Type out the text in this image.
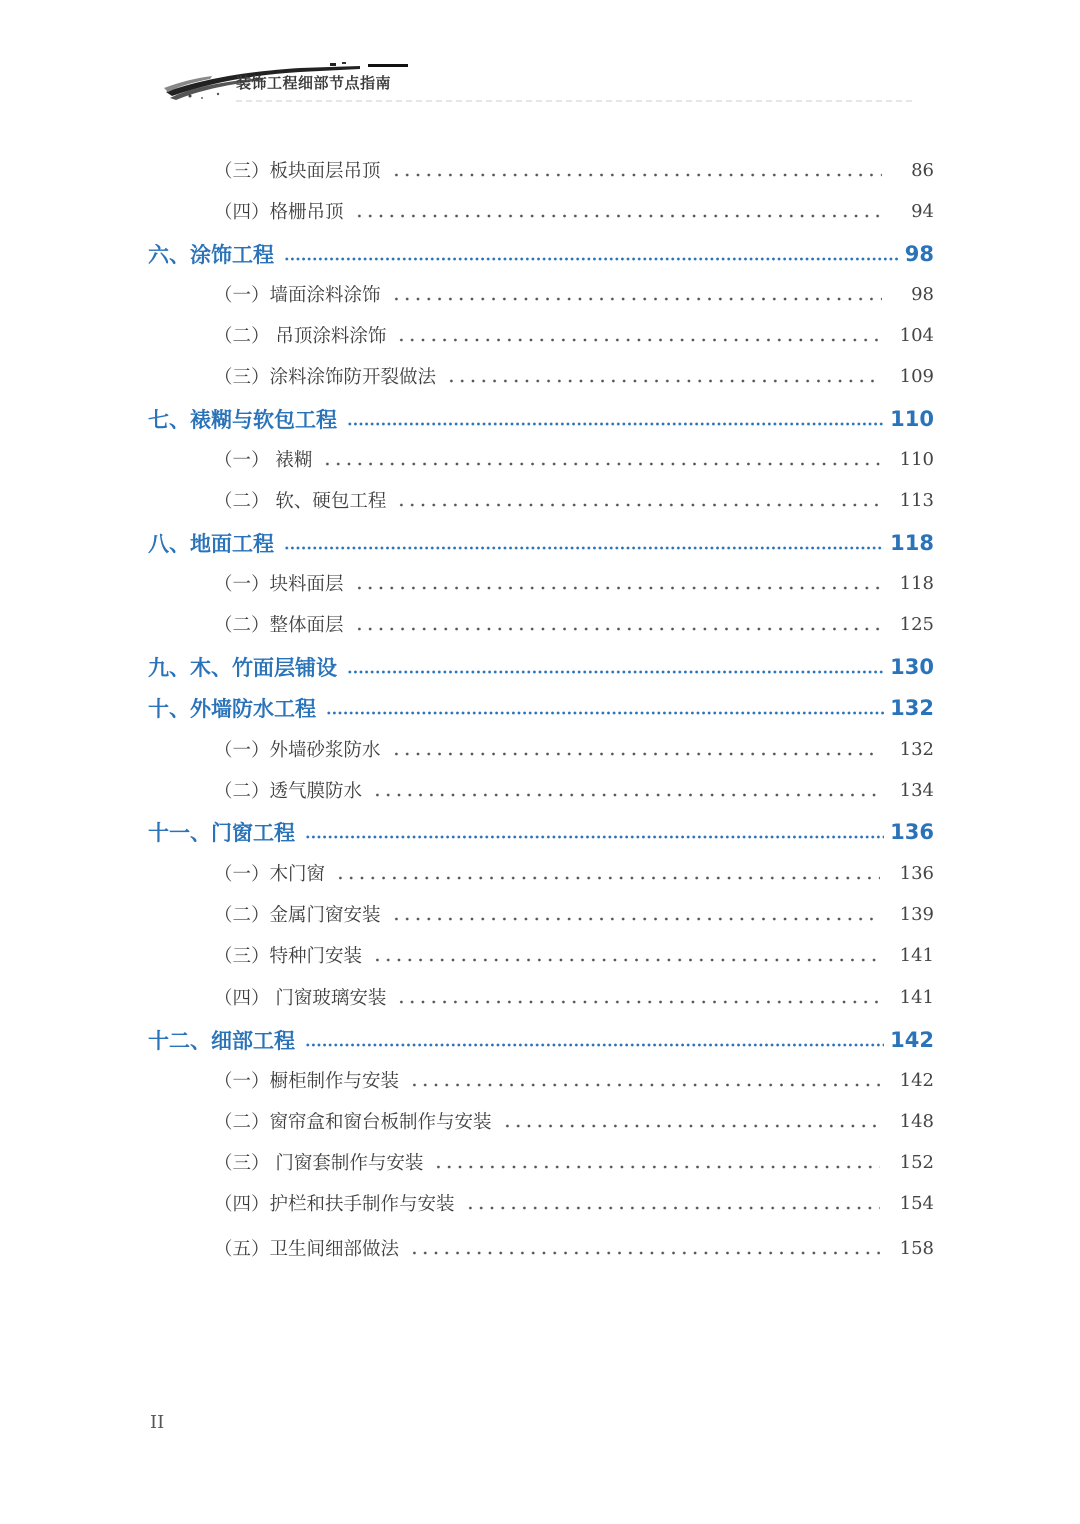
装饰工程细部节点指南
（三）板块面层吊顶	86
（四）格栅吊顶	94
六、涂饰工程	98
（一）墙面涂料涂饰	98
（二） 吊顶涂料涂饰	104
（三）涂料涂饰防开裂做法	109
七、裱糊与软包工程	110
（一） 裱糊	110
（二） 软、硬包工程	113
八、地面工程	118
（一）块料面层	118
（二）整体面层	125
九、木、竹面层铺设	130
十、外墙防水工程	132
（一）外墙砂浆防水	132
（二）透气膜防水	134
十一、门窗工程	136
（一）木门窗	136
（二）金属门窗安装	139
（三）特种门安装	141
（四） 门窗玻璃安装	141
十二、细部工程	142
（一）橱柜制作与安装	142
（二）窗帘盒和窗台板制作与安装	148
（三） 门窗套制作与安装	152
（四）护栏和扶手制作与安装	154
（五）卫生间细部做法	158
II
